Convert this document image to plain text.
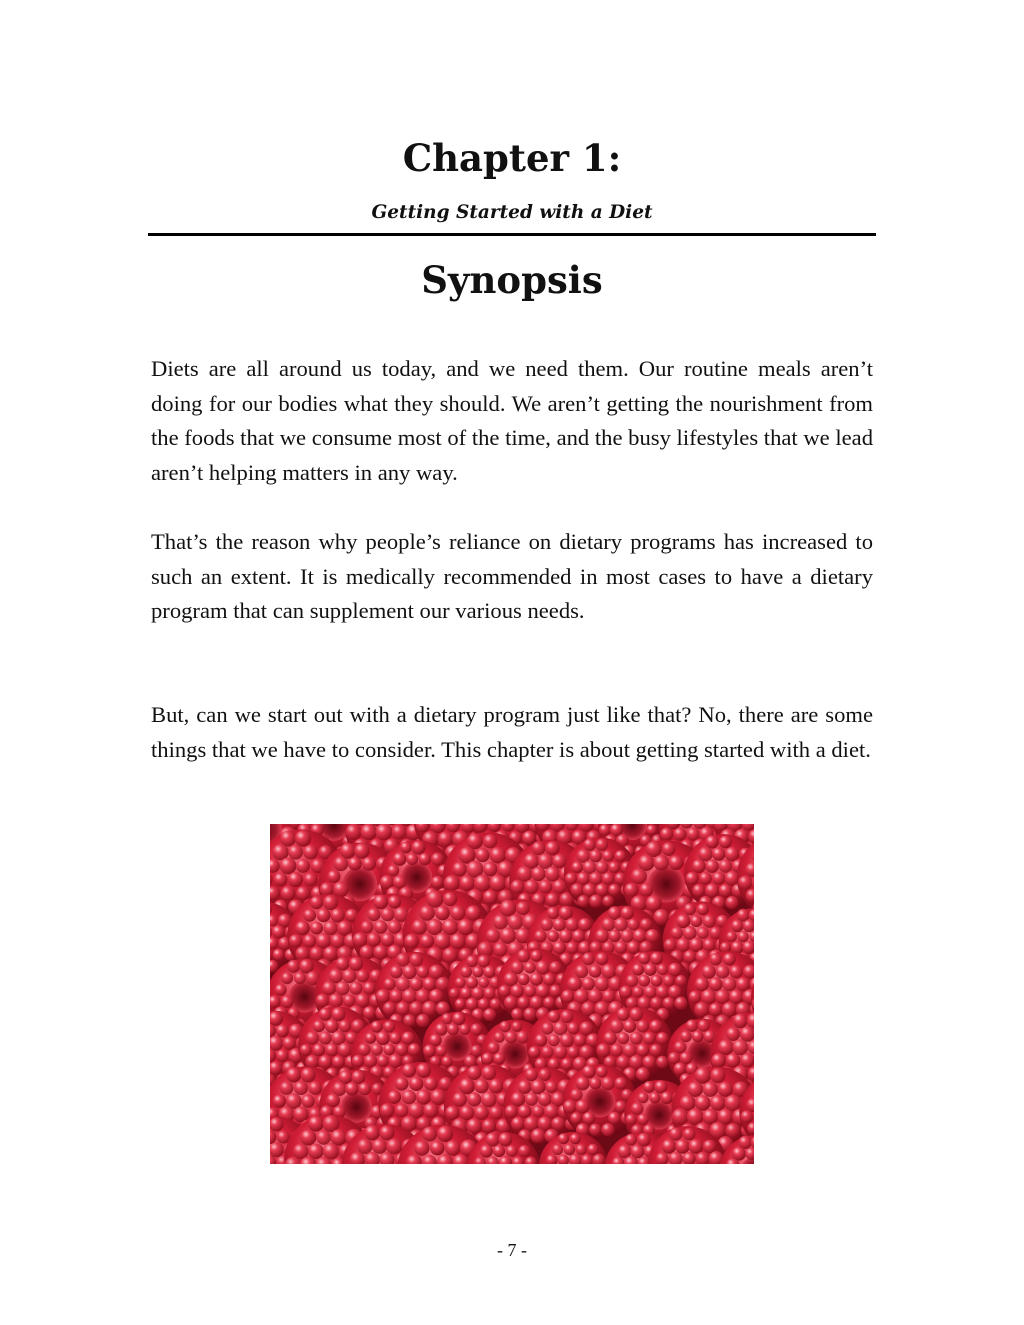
Chapter 1:
Getting Started with a Diet
Synopsis

Diets are all around us today, and we need them. Our routine meals aren’t doing for our bodies what they should. We aren’t getting the nourishment from the foods that we consume most of the time, and the busy lifestyles that we lead aren’t helping matters in any way.

That’s the reason why people’s reliance on dietary programs has increased to such an extent. It is medically recommended in most cases to have a dietary program that can supplement our various needs.

But, can we start out with a dietary program just like that? No, there are some things that we have to consider. This chapter is about getting started with a diet.

- 7 -
